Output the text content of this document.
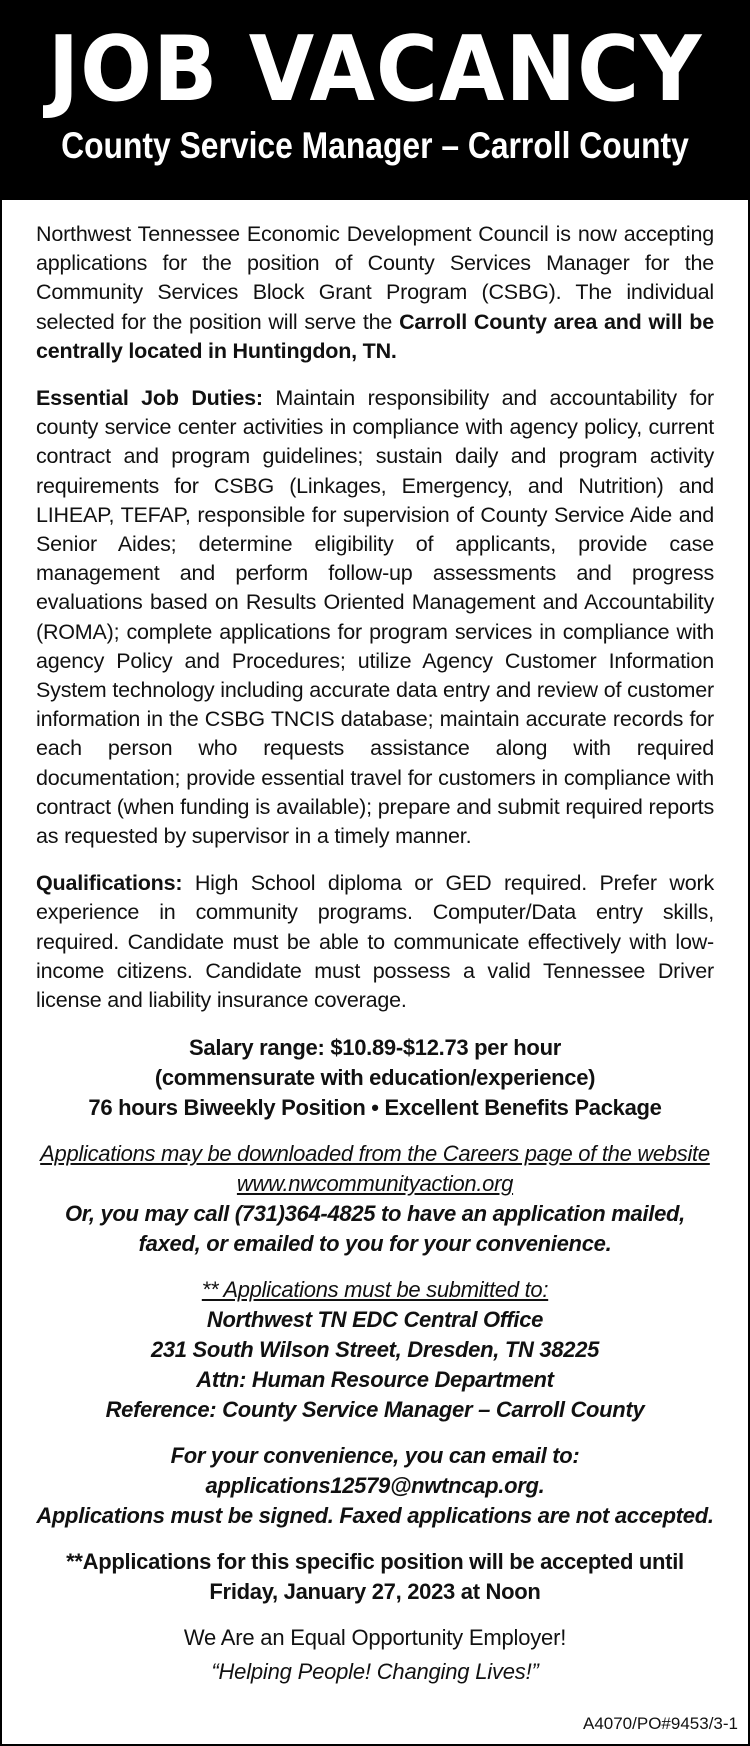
JOB VACANCY
County Service Manager – Carroll County

Northwest Tennessee Economic Development Council is now accepting applications for the position of County Services Manager for the Community Services Block Grant Program (CSBG). The individual selected for the position will serve the Carroll County area and will be centrally located in Huntingdon, TN.

Essential Job Duties: Maintain responsibility and accountability for county service center activities in compliance with agency policy, current contract and program guidelines; sustain daily and program activity requirements for CSBG (Linkages, Emergency, and Nutrition) and LIHEAP, TEFAP, responsible for supervision of County Service Aide and Senior Aides; determine eligibility of applicants, provide case management and perform follow-up assessments and progress evaluations based on Results Oriented Management and Accountability (ROMA); complete applications for program services in compliance with agency Policy and Procedures; utilize Agency Customer Information System technology including accurate data entry and review of customer information in the CSBG TNCIS database; maintain accurate records for each person who requests assistance along with required documentation; provide essential travel for customers in compliance with contract (when funding is available); prepare and submit required reports as requested by supervisor in a timely manner.

Qualifications: High School diploma or GED required. Prefer work experience in community programs. Computer/Data entry skills, required. Candidate must be able to communicate effectively with low-income citizens. Candidate must possess a valid Tennessee Driver license and liability insurance coverage.

Salary range: $10.89-$12.73 per hour
(commensurate with education/experience)
76 hours Biweekly Position • Excellent Benefits Package
Applications may be downloaded from the Careers page of the website
www.nwcommunityaction.org
Or, you may call (731)364-4825 to have an application mailed,
faxed, or emailed to you for your convenience.
** Applications must be submitted to:
Northwest TN EDC Central Office
231 South Wilson Street, Dresden, TN 38225
Attn: Human Resource Department
Reference: County Service Manager – Carroll County
For your convenience, you can email to:
applications12579@nwtncap.org.
Applications must be signed. Faxed applications are not accepted.
**Applications for this specific position will be accepted until
Friday, January 27, 2023 at Noon
We Are an Equal Opportunity Employer!
“Helping People! Changing Lives!”
A4070/PO#9453/3-1
